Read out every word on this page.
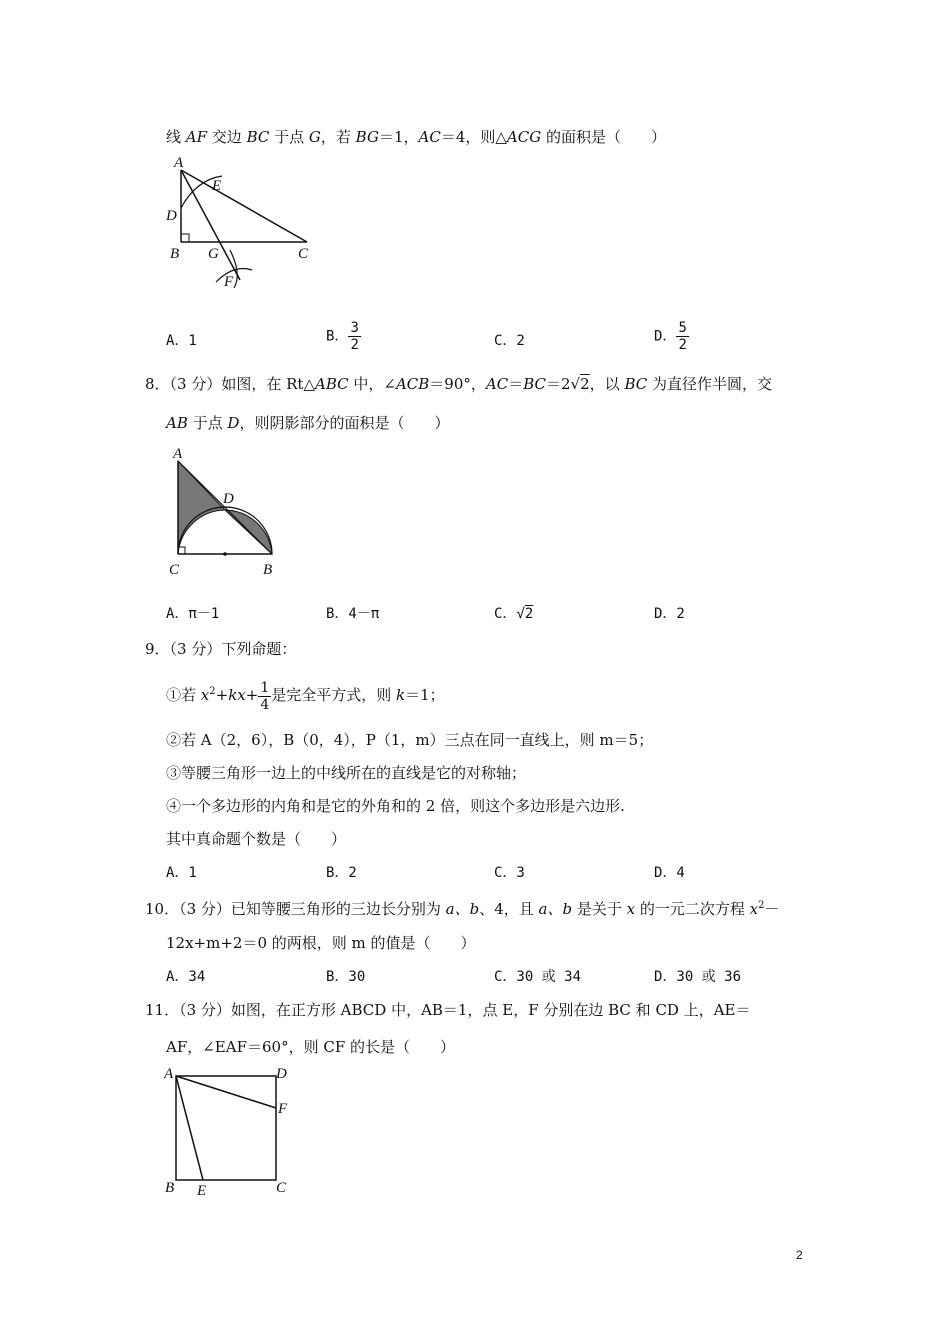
线 AF 交边 BC 于点 G，若 BG＝1，AC＝4，则△ACG 的面积是（　　）
A
E
D
B G	C
F
A．1	B． $\frac{3}{2}$	C．2	D． $\frac{5}{2}$
8．（3 分）如图，在 Rt△ABC 中，∠ACB＝90°，AC＝BC＝2√2，以 BC 为直径作半圆，交
AB 于点 D，则阴影部分的面积是（　　）
A
D
C	B
A．π－1	B．4－π	C．√2	D．2
9．（3 分）下列命题：
①若 $x^2+kx+ \frac{1}{4}$ 是完全平方式，则 k＝1；
②若 A（2，6），B（0，4），P（1，m）三点在同一直线上，则 m＝5；
③等腰三角形一边上的中线所在的直线是它的对称轴；
④一个多边形的内角和是它的外角和的 2 倍，则这个多边形是六边形.
其中真命题个数是（　　）
A．1	B．2	C．3	D．4
10．（3 分）已知等腰三角形的三边长分别为 a、b、4，且 a、b 是关于 x 的一元二次方程 $x^2-$
12x+m+2＝0 的两根，则 m 的值是（　　）
A．34	B．30	C．30 或 34	D．30 或 36
11．（3 分）如图，在正方形 ABCD 中，AB＝1，点 E，F 分别在边 BC 和 CD 上，AE＝
AF，∠EAF＝60°，则 CF 的长是（　　）
A	D
F
B E	C
2
